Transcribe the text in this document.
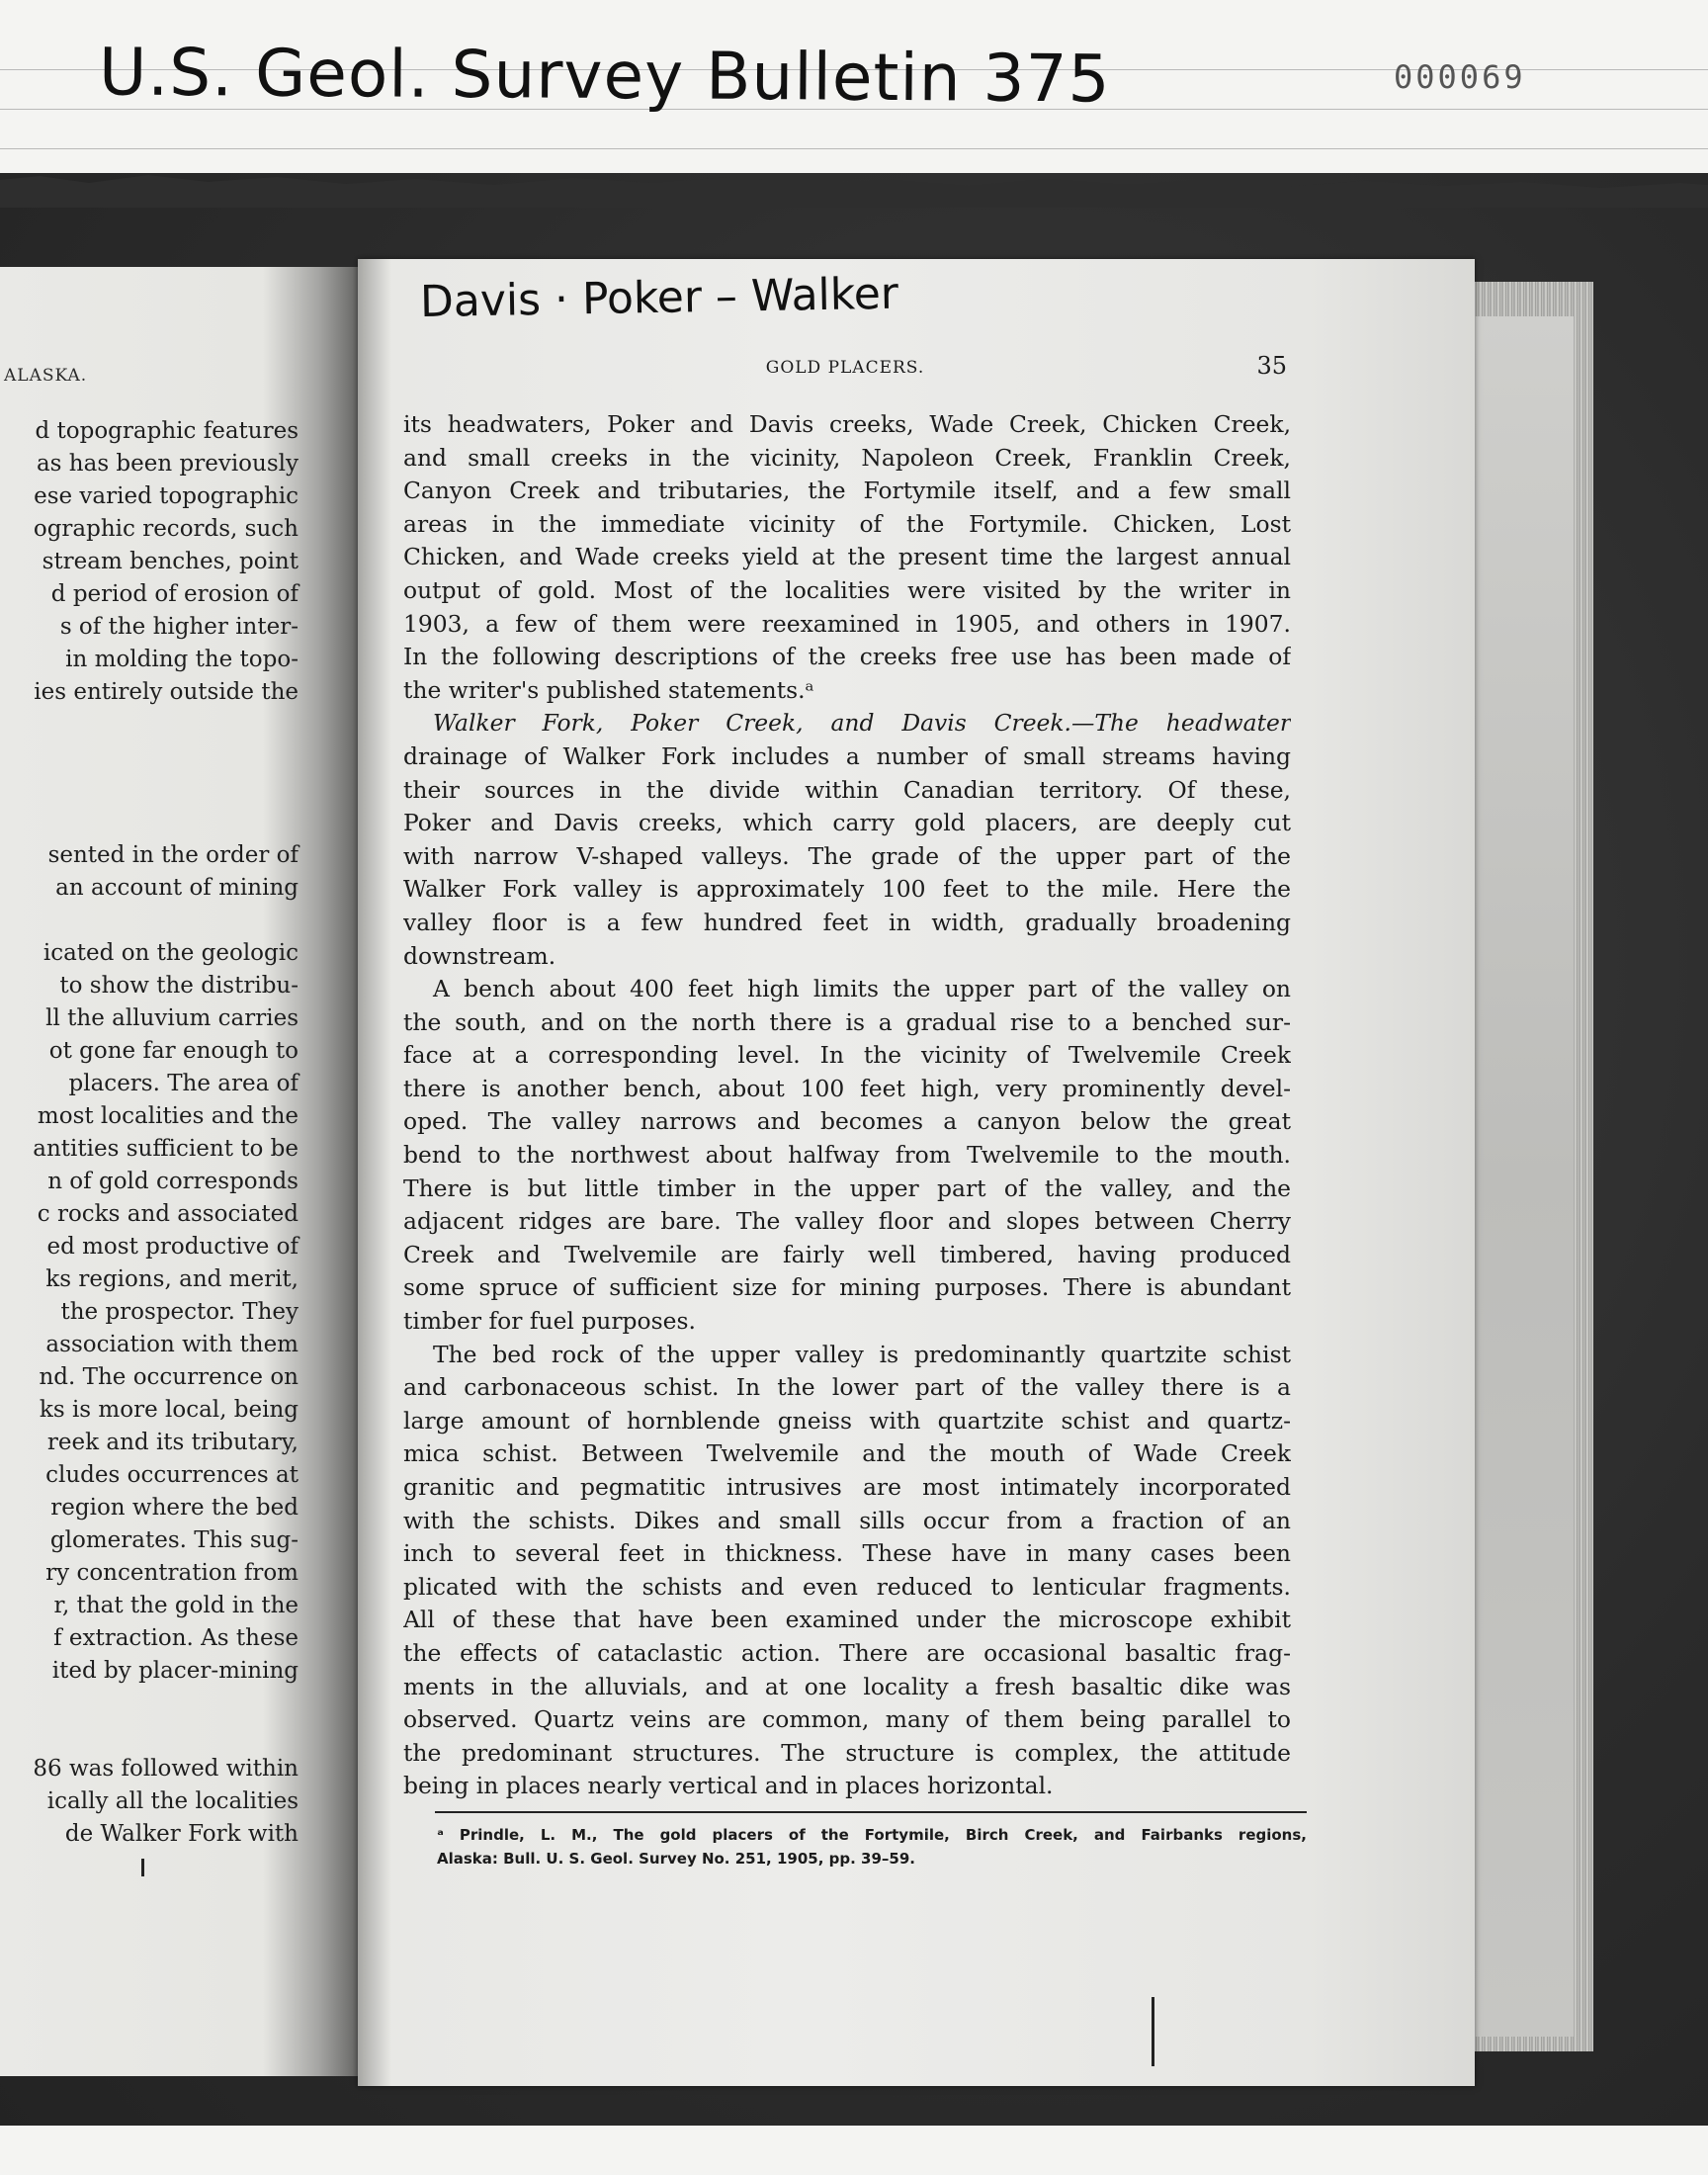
U.S. Geol. Survey Bulletin 375	000069
ALASKA.
d topographic features
as has been previously
ese varied topographic
ographic records, such
stream benches, point
d period of erosion of
s of the higher inter-
in molding the topo-
ies entirely outside the
sented in the order of
an account of mining
icated on the geologic
to show the distribu-
ll the alluvium carries
ot gone far enough to
placers. The area of
most localities and the
antities sufficient to be
n of gold corresponds
c rocks and associated
ed most productive of
ks regions, and merit,
the prospector. They
association with them
nd. The occurrence on
ks is more local, being
reek and its tributary,
cludes occurrences at
region where the bed
glomerates. This sug-
ry concentration from
r, that the gold in the
f extraction. As these
ited by placer-mining
86 was followed within
ically all the localities
de Walker Fork with
Davis · Poker – Walker
GOLD PLACERS.	35
its headwaters, Poker and Davis creeks, Wade Creek, Chicken Creek,
and small creeks in the vicinity, Napoleon Creek, Franklin Creek,
Canyon Creek and tributaries, the Fortymile itself, and a few small
areas in the immediate vicinity of the Fortymile. Chicken, Lost
Chicken, and Wade creeks yield at the present time the largest annual
output of gold. Most of the localities were visited by the writer in
1903, a few of them were reexamined in 1905, and others in 1907.
In the following descriptions of the creeks free use has been made of
the writer's published statements.ᵃ
Walker Fork, Poker Creek, and Davis Creek.—The headwater
drainage of Walker Fork includes a number of small streams having
their sources in the divide within Canadian territory. Of these,
Poker and Davis creeks, which carry gold placers, are deeply cut
with narrow V-shaped valleys. The grade of the upper part of the
Walker Fork valley is approximately 100 feet to the mile. Here the
valley floor is a few hundred feet in width, gradually broadening
downstream.
A bench about 400 feet high limits the upper part of the valley on
the south, and on the north there is a gradual rise to a benched sur-
face at a corresponding level. In the vicinity of Twelvemile Creek
there is another bench, about 100 feet high, very prominently devel-
oped. The valley narrows and becomes a canyon below the great
bend to the northwest about halfway from Twelvemile to the mouth.
There is but little timber in the upper part of the valley, and the
adjacent ridges are bare. The valley floor and slopes between Cherry
Creek and Twelvemile are fairly well timbered, having produced
some spruce of sufficient size for mining purposes. There is abundant
timber for fuel purposes.
The bed rock of the upper valley is predominantly quartzite schist
and carbonaceous schist. In the lower part of the valley there is a
large amount of hornblende gneiss with quartzite schist and quartz-
mica schist. Between Twelvemile and the mouth of Wade Creek
granitic and pegmatitic intrusives are most intimately incorporated
with the schists. Dikes and small sills occur from a fraction of an
inch to several feet in thickness. These have in many cases been
plicated with the schists and even reduced to lenticular fragments.
All of these that have been examined under the microscope exhibit
the effects of cataclastic action. There are occasional basaltic frag-
ments in the alluvials, and at one locality a fresh basaltic dike was
observed. Quartz veins are common, many of them being parallel to
the predominant structures. The structure is complex, the attitude
being in places nearly vertical and in places horizontal.
ᵃ Prindle, L. M., The gold placers of the Fortymile, Birch Creek, and Fairbanks regions,
Alaska: Bull. U. S. Geol. Survey No. 251, 1905, pp. 39–59.
